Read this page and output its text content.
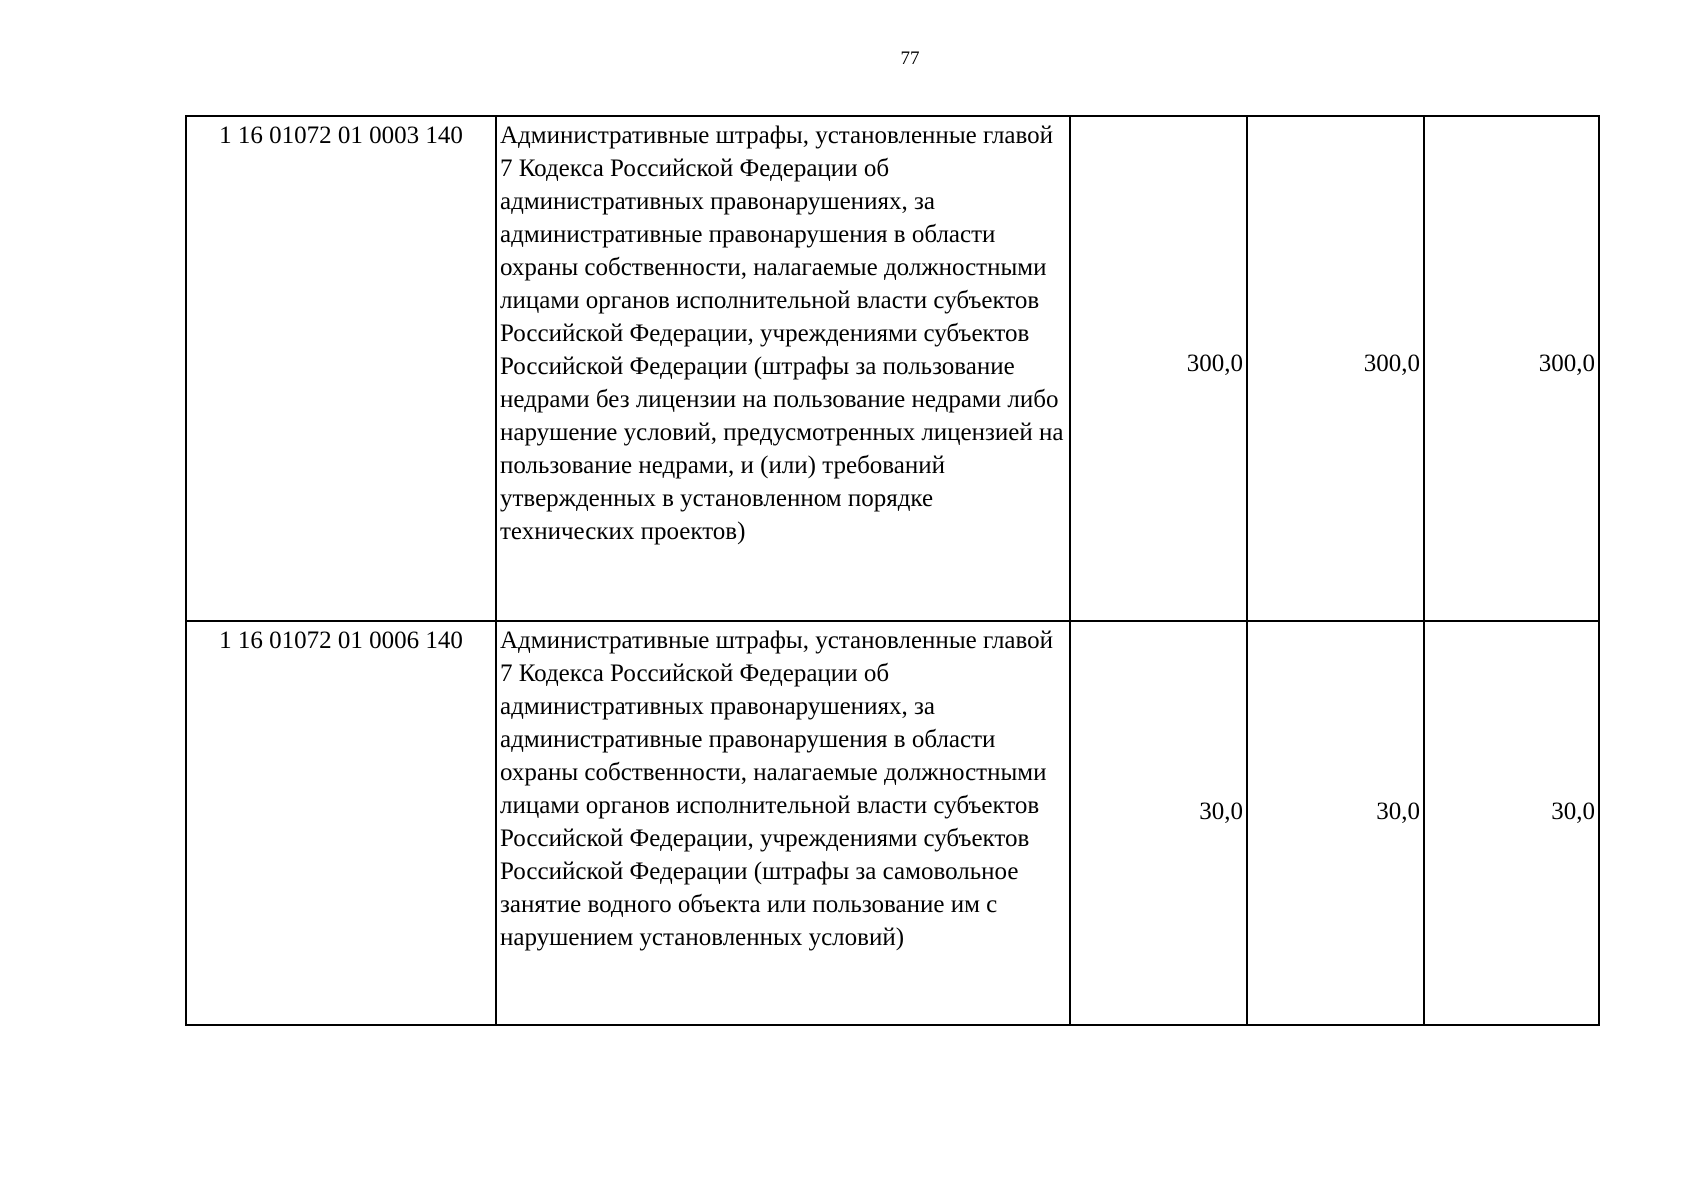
77
1 16 01072 01 0003 140	Административные штрафы, установленные главой 7 Кодекса Российской Федерации об административных правонарушениях, за административные правонарушения в области охраны собственности, налагаемые должностными лицами органов исполнительной власти субъектов Российской Федерации, учреждениями субъектов Российской Федерации (штрафы за пользование недрами без лицензии на пользование недрами либо нарушение условий, предусмотренных лицензией на пользование недрами, и (или) требований утвержденных в установленном порядке технических проектов)	300,0	300,0	300,0
1 16 01072 01 0006 140	Административные штрафы, установленные главой 7 Кодекса Российской Федерации об административных правонарушениях, за административные правонарушения в области охраны собственности, налагаемые должностными лицами органов исполнительной власти субъектов Российской Федерации, учреждениями субъектов Российской Федерации (штрафы за самовольное занятие водного объекта или пользование им с нарушением установленных условий)	30,0	30,0	30,0
